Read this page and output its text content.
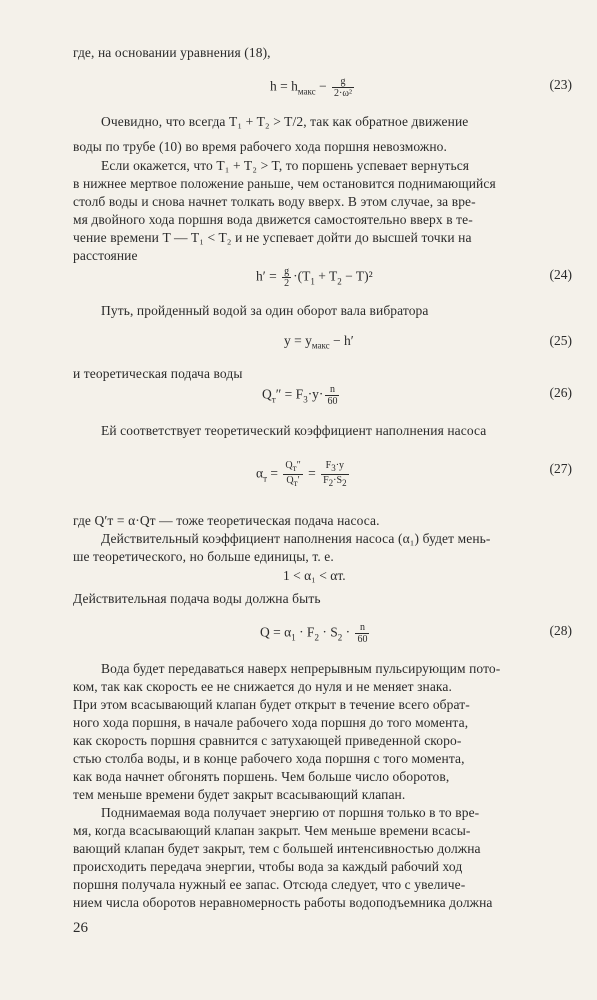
где, на основании уравнения (18),
$h = h_{макс} - \frac{g}{\text{2·ω²}}$	(23)
Очевидно, что всегда T₁ + T₂ > T/2, так как обратное движение
воды по трубе (10) во время рабочего хода поршня невозможно.
Если окажется, что T₁ + T₂ > T, то поршень успевает вернуться
в нижнее мертвое положение раньше, чем остановится поднимающийся
столб воды и снова начнет толкать воду вверх. В этом случае, за вре-
мя двойного хода поршня вода движется самостоятельно вверх в те-
чение времени T — T₁ < T₂ и не успевает дойти до высшей точки на
расстояние
$h' = \frac{g}{2} \cdot(T_1 + T_2 - T)^2$	(24)
Путь, пройденный водой за один оборот вала вибратора
$y = y_{макс} - h'$	(25)
и теоретическая подача воды
$Q_т'' = F_3\cdot y\cdot \frac{n}{60}$	(26)
Ей соответствует теоретический коэффициент наполнения насоса
$\alpha_т = \frac{Q_т''}{Q_т'} = \frac{F_3\cdot y}{F_2\cdot S_2}$	(27)
где Q′т = α·Qт — тоже теоретическая подача насоса.
Действительный коэффициент наполнения насоса (α₁) будет мень-
ше теоретического, но больше единицы, т. е.
1 < α₁ < αт.
Действительная подача воды должна быть
$Q = \alpha_1 \cdot F_2 \cdot S_2 \cdot \frac{n}{60}$	(28)
Вода будет передаваться наверх непрерывным пульсирующим пото-
ком, так как скорость ее не снижается до нуля и не меняет знака.
При этом всасывающий клапан будет открыт в течение всего обрат-
ного хода поршня, в начале рабочего хода поршня до того момента,
как скорость поршня сравнится с затухающей приведенной скоро-
стью столба воды, и в конце рабочего хода поршня с того момента,
как вода начнет обгонять поршень. Чем больше число оборотов,
тем меньше времени будет закрыт всасывающий клапан.
Поднимаемая вода получает энергию от поршня только в то вре-
мя, когда всасывающий клапан закрыт. Чем меньше времени всасы-
вающий клапан будет закрыт, тем с большей интенсивностью должна
происходить передача энергии, чтобы вода за каждый рабочий ход
поршня получала нужный ее запас. Отсюда следует, что с увеличе-
нием числа оборотов неравномерность работы водоподъемника должна
26
